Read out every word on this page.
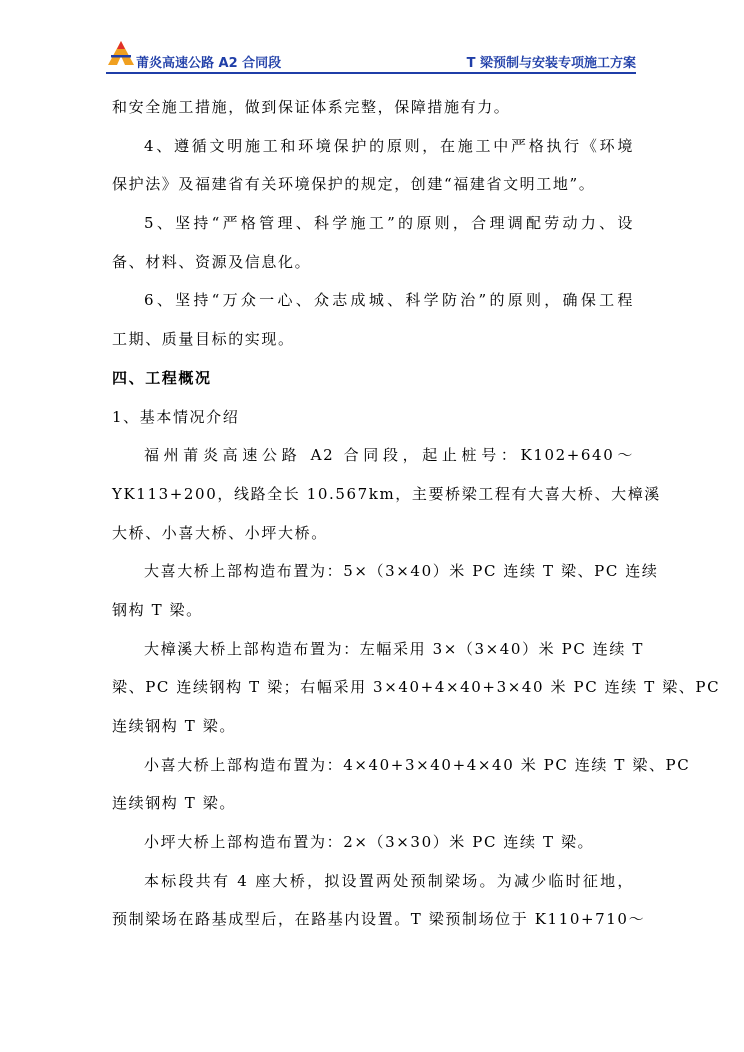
莆炎高速公路 A2 合同段	T 梁预制与安装专项施工方案
和安全施工措施，做到保证体系完整，保障措施有力。
4、遵循文明施工和环境保护的原则，在施工中严格执行《环境
保护法》及福建省有关环境保护的规定，创建“福建省文明工地”。
5、坚持“严格管理、科学施工”的原则，合理调配劳动力、设
备、材料、资源及信息化。
6、坚持“万众一心、众志成城、科学防治”的原则，确保工程
工期、质量目标的实现。
四、工程概况
1、基本情况介绍
福州莆炎高速公路 A2 合同段，起止桩号：K102+640～
YK113+200，线路全长 10.567km，主要桥梁工程有大喜大桥、大樟溪
大桥、小喜大桥、小坪大桥。
大喜大桥上部构造布置为：5×（3×40）米 PC 连续 T 梁、PC 连续
钢构 T 梁。
大樟溪大桥上部构造布置为：左幅采用 3×（3×40）米 PC 连续 T
梁、PC 连续钢构 T 梁；右幅采用 3×40+4×40+3×40 米 PC 连续 T 梁、PC
连续钢构 T 梁。
小喜大桥上部构造布置为：4×40+3×40+4×40 米 PC 连续 T 梁、PC
连续钢构 T 梁。
小坪大桥上部构造布置为：2×（3×30）米 PC 连续 T 梁。
本标段共有 4 座大桥，拟设置两处预制梁场。为减少临时征地，
预制梁场在路基成型后，在路基内设置。T 梁预制场位于 K110+710～
